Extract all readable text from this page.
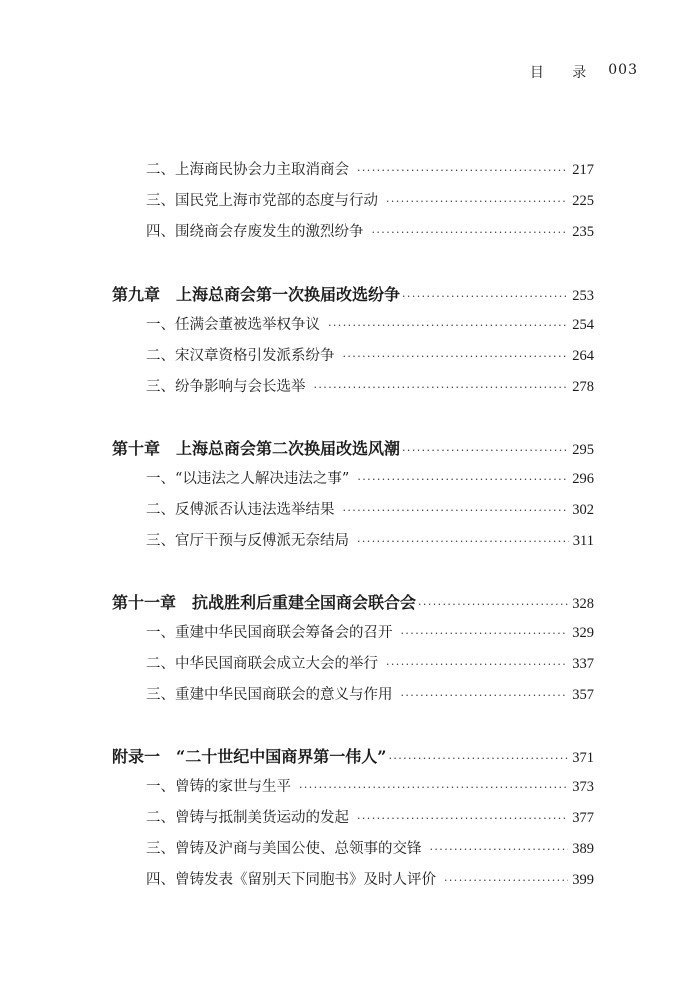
目 录 003
二、上海商民协会力主取消商会 ·····	217
三、国民党上海市党部的态度与行动 ·····	225
四、围绕商会存废发生的激烈纷争 ·····	235
第九章 上海总商会第一次换届改选纷争 ·····	253
一、任满会董被选举权争议 ·····	254
二、宋汉章资格引发派系纷争 ·····	264
三、纷争影响与会长选举 ·····	278
第十章 上海总商会第二次换届改选风潮 ·····	295
一、“以违法之人解决违法之事” ·····	296
二、反傅派否认违法选举结果 ·····	302
三、官厅干预与反傅派无奈结局 ·····	311
第十一章 抗战胜利后重建全国商会联合会 ·····	328
一、重建中华民国商联会筹备会的召开 ·····	329
二、中华民国商联会成立大会的举行 ·····	337
三、重建中华民国商联会的意义与作用 ·····	357
附录一 “二十世纪中国商界第一伟人” ·····	371
一、曾铸的家世与生平 ·····	373
二、曾铸与抵制美货运动的发起 ·····	377
三、曾铸及沪商与美国公使、总领事的交锋 ·····	389
四、曾铸发表《留别天下同胞书》及时人评价 ·····	399
